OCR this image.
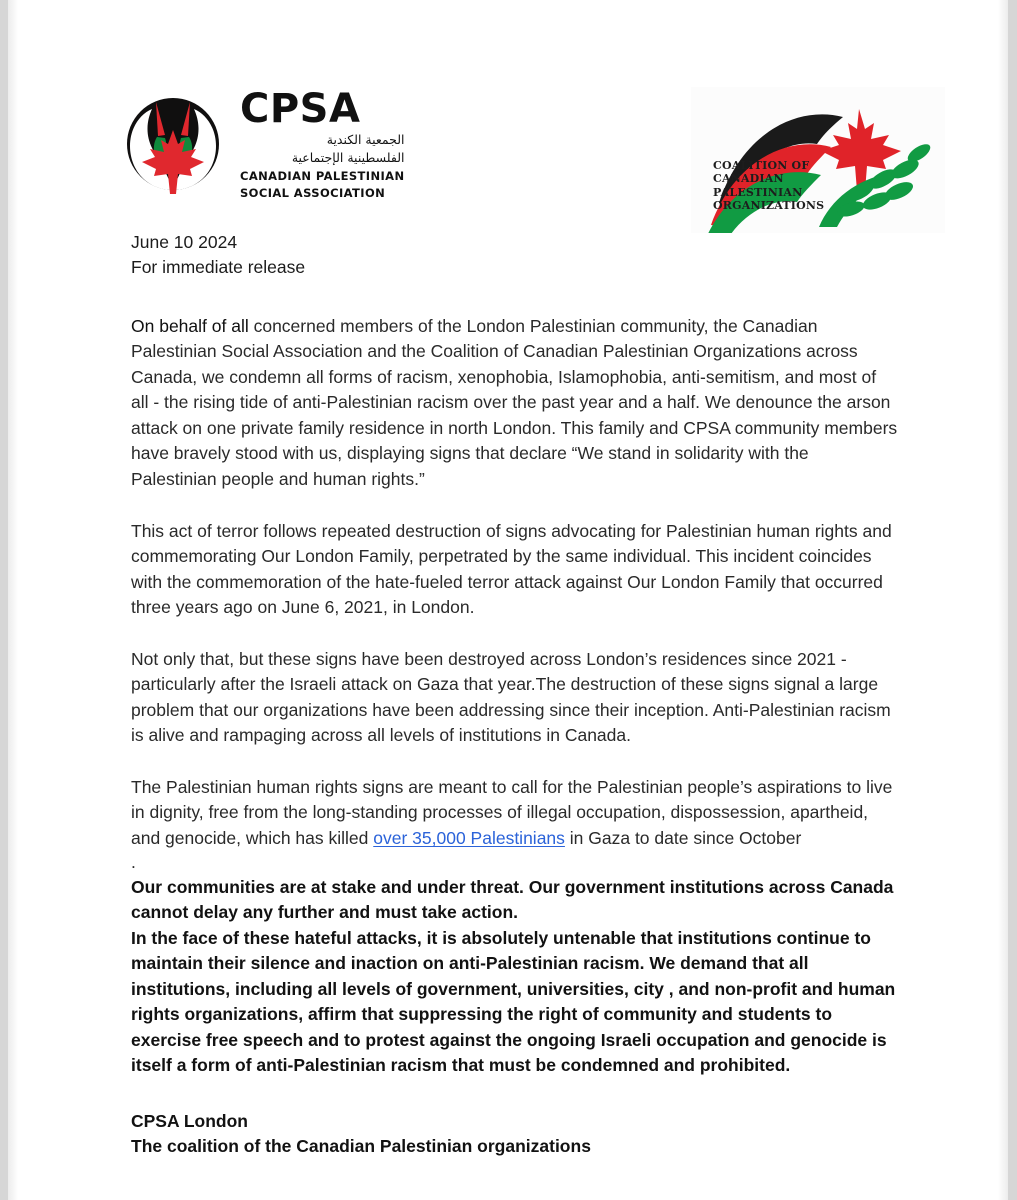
CPSA
الجمعية الكندية
الفلسطينية الإجتماعية
CANADIAN PALESTINIAN
SOCIAL ASSOCIATION
COALITION OF
CANADIAN
PALESTINIAN
ORGANIZATIONS
June 10 2024
For immediate release

On behalf of all concerned members of the London Palestinian community, the Canadian Palestinian Social Association and the Coalition of Canadian Palestinian Organizations across Canada, we condemn all forms of racism, xenophobia, Islamophobia, anti-semitism, and most of all - the rising tide of anti-Palestinian racism over the past year and a half. We denounce the arson attack on one private family residence in north London. This family and CPSA community members have bravely stood with us, displaying signs that declare “We stand in solidarity with the Palestinian people and human rights.”

This act of terror follows repeated destruction of signs advocating for Palestinian human rights and commemorating Our London Family, perpetrated by the same individual. This incident coincides with the commemoration of the hate-fueled terror attack against Our London Family that occurred three years ago on June 6, 2021, in London.

Not only that, but these signs have been destroyed across London’s residences since 2021 - particularly after the Israeli attack on Gaza that year.The destruction of these signs signal a large problem that our organizations have been addressing since their inception. Anti-Palestinian racism is alive and rampaging across all levels of institutions in Canada.

The Palestinian human rights signs are meant to call for the Palestinian people’s aspirations to live in dignity, free from the long-standing processes of illegal occupation, dispossession, apartheid, and genocide, which has killed over 35,000 Palestinians in Gaza to date since October

.

Our communities are at stake and under threat. Our government institutions across Canada cannot delay any further and must take action.

In the face of these hateful attacks, it is absolutely untenable that institutions continue to maintain their silence and inaction on anti-Palestinian racism. We demand that all institutions, including all levels of government, universities, city , and non-profit and human rights organizations, affirm that suppressing the right of community and students to exercise free speech and to protest against the ongoing Israeli occupation and genocide is itself a form of anti-Palestinian racism that must be condemned and prohibited.

CPSA London
The coalition of the Canadian Palestinian organizations
